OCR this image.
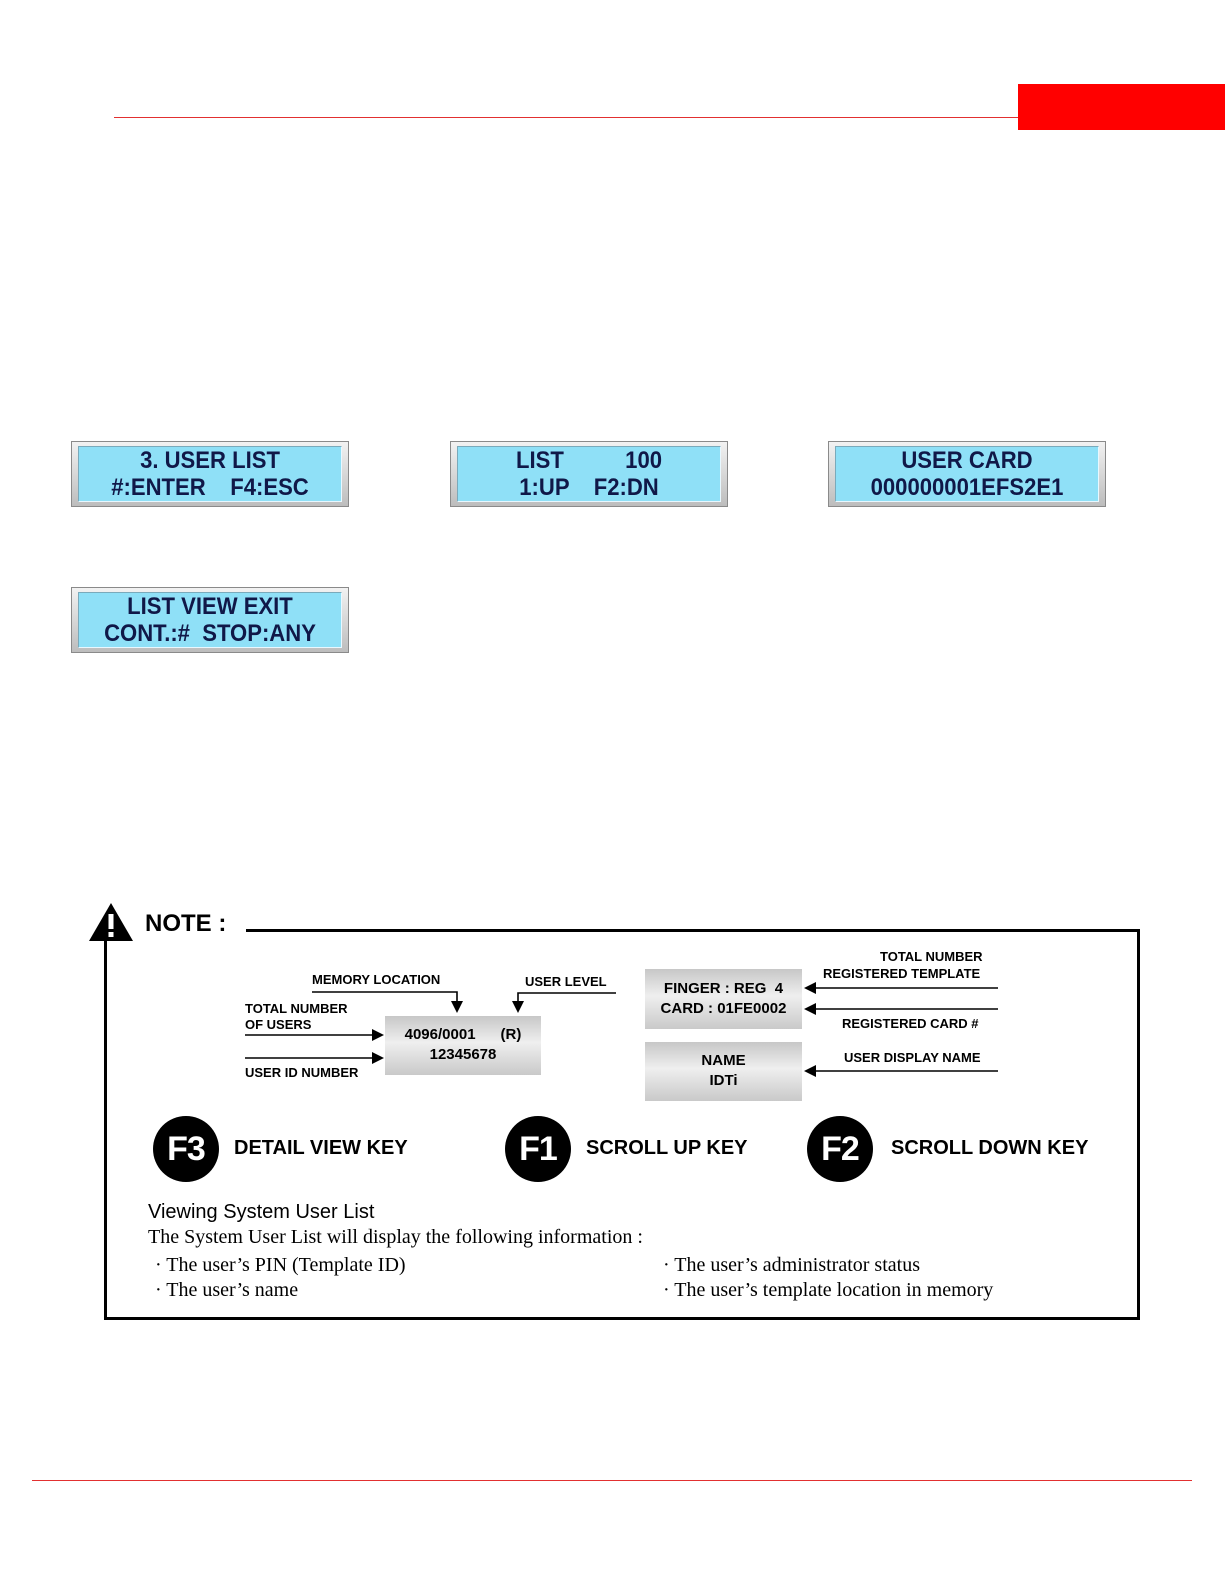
3. USER LIST
#:ENTER    F4:ESC
LIST          100
1:UP    F2:DN
USER CARD
000000001EFS2E1
LIST VIEW EXIT
CONT.:#  STOP:ANY
NOTE :
MEMORY LOCATION	USER LEVEL
TOTAL NUMBER
OF USERS
USER ID NUMBER
TOTAL NUMBER
REGISTERED TEMPLATE
REGISTERED CARD #
USER DISPLAY NAME
4096/0001      (R)
12345678
FINGER : REG  4
CARD : 01FE0002
NAME
IDTi
F3	DETAIL VIEW KEY	F1	SCROLL UP KEY	F2	SCROLL DOWN KEY
Viewing System User List
The System User List will display the following information :
· The user’s PIN (Template ID)
· The user’s name
· The user’s administrator status
· The user’s template location in memory
